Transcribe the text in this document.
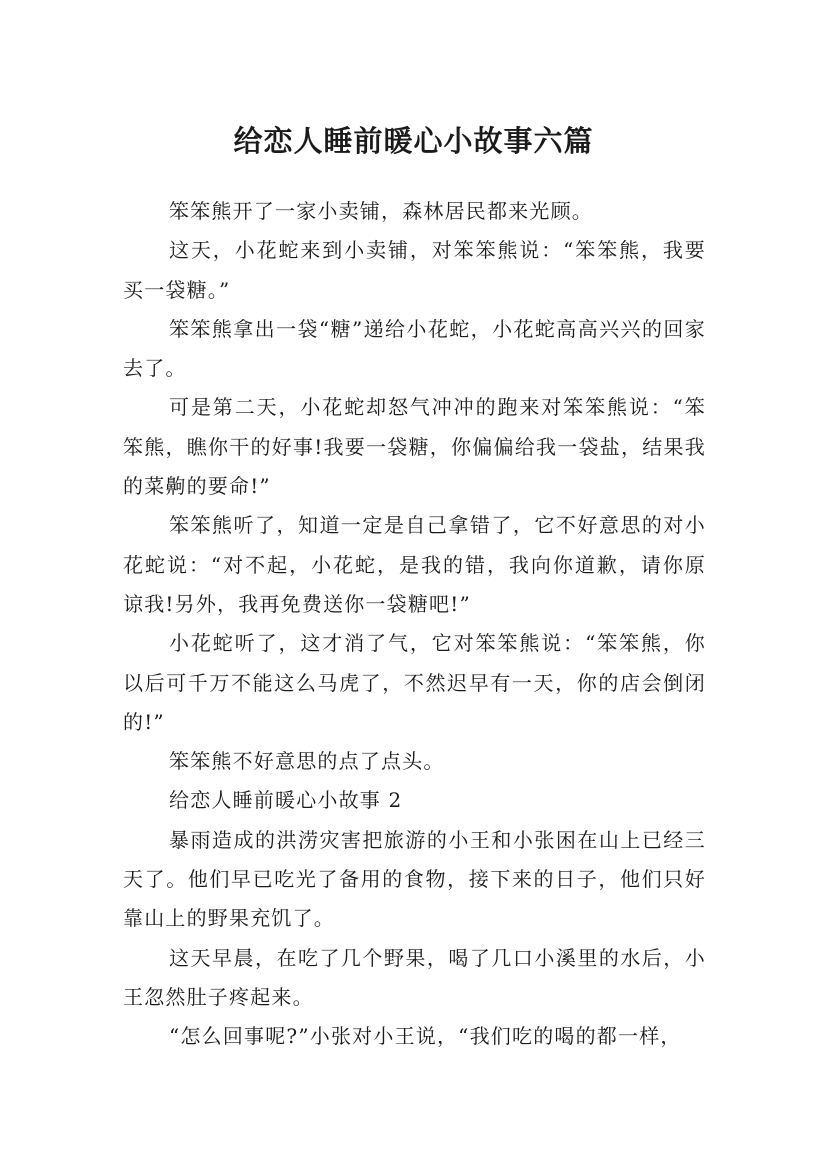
给恋人睡前暖心小故事六篇

笨笨熊开了一家小卖铺，森林居民都来光顾。

这天，小花蛇来到小卖铺，对笨笨熊说：“笨笨熊，我要买一袋糖。”

笨笨熊拿出一袋“糖”递给小花蛇，小花蛇高高兴兴的回家去了。

可是第二天，小花蛇却怒气冲冲的跑来对笨笨熊说：“笨笨熊，瞧你干的好事!我要一袋糖，你偏偏给我一袋盐，结果我的菜齁的要命!”

笨笨熊听了，知道一定是自己拿错了，它不好意思的对小花蛇说：“对不起，小花蛇，是我的错，我向你道歉，请你原谅我!另外，我再免费送你一袋糖吧!”

小花蛇听了，这才消了气，它对笨笨熊说：“笨笨熊，你以后可千万不能这么马虎了，不然迟早有一天，你的店会倒闭的!”

笨笨熊不好意思的点了点头。

给恋人睡前暖心小故事 2

暴雨造成的洪涝灾害把旅游的小王和小张困在山上已经三天了。他们早已吃光了备用的食物，接下来的日子，他们只好靠山上的野果充饥了。

这天早晨，在吃了几个野果，喝了几口小溪里的水后，小王忽然肚子疼起来。

“怎么回事呢?”小张对小王说，“我们吃的喝的都一样，
